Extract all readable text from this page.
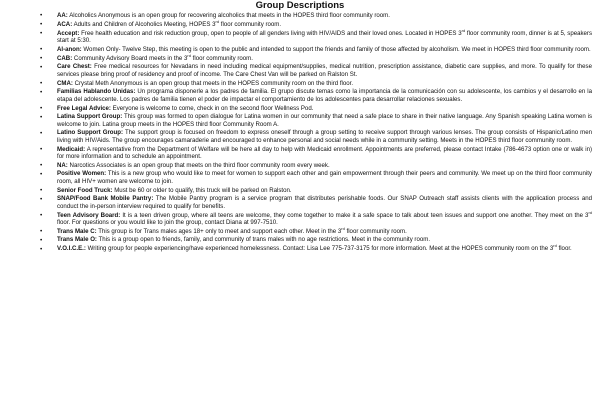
Group Descriptions
• AA: Alcoholics Anonymous is an open group for recovering alcoholics that meets in the HOPES third floor community room.
• ACA: Adults and Children of Alcoholics Meeting, HOPES 3rd floor community room.
• Accept: Free health education and risk reduction group, open to people of all genders living with HIV/AIDS and their loved ones. Located in HOPES 3rd floor community room, dinner is at 5, speakers start at 5:30.
• Al-anon: Women Only- Twelve Step, this meeting is open to the public and intended to support the friends and family of those affected by alcoholism. We meet in HOPES third floor community room.
• CAB: Community Advisory Board meets in the 3rd floor community room.
• Care Chest: Free medical resources for Nevadans in need including medical equipment/supplies, medical nutrition, prescription assistance, diabetic care supplies, and more. To qualify for these services please bring proof of residency and proof of income. The Care Chest Van will be parked on Ralston St.
• CMA: Crystal Meth Anonymous is an open group that meets in the HOPES community room on the third floor.
• Familias Hablando Unidas: Un programa disponerle a los padres de familia. El grupo discute temas como la importancia de la comunicación con su adolescente, los cambios y el desarrollo en la etapa del adolescente. Los padres de familia tienen el poder de impactar el comportamiento de los adolescentes para desarrollar relaciones sexuales.
• Free Legal Advice: Everyone is welcome to come, check in on the second floor Wellness Pod.
• Latina Support Group: This group was formed to open dialogue for Latina women in our community that need a safe place to share in their native language. Any Spanish speaking Latina women is welcome to join. Latina group meets in the HOPES third floor Community Room A.
• Latino Support Group: The support group is focused on freedom to express oneself through a group setting to receive support through various lenses. The group consists of Hispanic/Latino men living with HIV/Aids. The group encourages camaraderie and encouraged to enhance personal and social needs while in a community setting. Meets in the HOPES third floor community room.
• Medicaid: A representative from the Department of Welfare will be here all day to help with Medicaid enrollment. Appointments are preferred, please contact Intake (786-4673 option one or walk in) for more information and to schedule an appointment.
• NA: Narcotics Associates is an open group that meets on the third floor community room every week.
• Positive Women: This is a new group who would like to meet for women to support each other and gain empowerment through their peers and community. We meet up on the third floor community room, all HIV+ women are welcome to join.
• Senior Food Truck: Must be 60 or older to qualify, this truck will be parked on Ralston.
• SNAP/Food Bank Mobile Pantry: The Mobile Pantry program is a service program that distributes perishable foods. Our SNAP Outreach staff assists clients with the application process and conduct the in-person interview required to qualify for benefits.
• Teen Advisory Board: It is a teen driven group, where all teens are welcome, they come together to make it a safe space to talk about teen issues and support one another. They meet on the 3rd floor. For questions or you would like to join the group, contact Diana at 997-7510.
• Trans Male C: This group is for Trans males ages 18+ only to meet and support each other. Meet in the 3rd floor community room.
• Trans Male O: This is a group open to friends, family, and community of trans males with no age restrictions. Meet in the community room.
• V.O.I.C.E.: Writing group for people experiencing/have experienced homelessness. Contact: Lisa Lee 775-737-3175 for more information. Meet at the HOPES community room on the 3rd floor.
